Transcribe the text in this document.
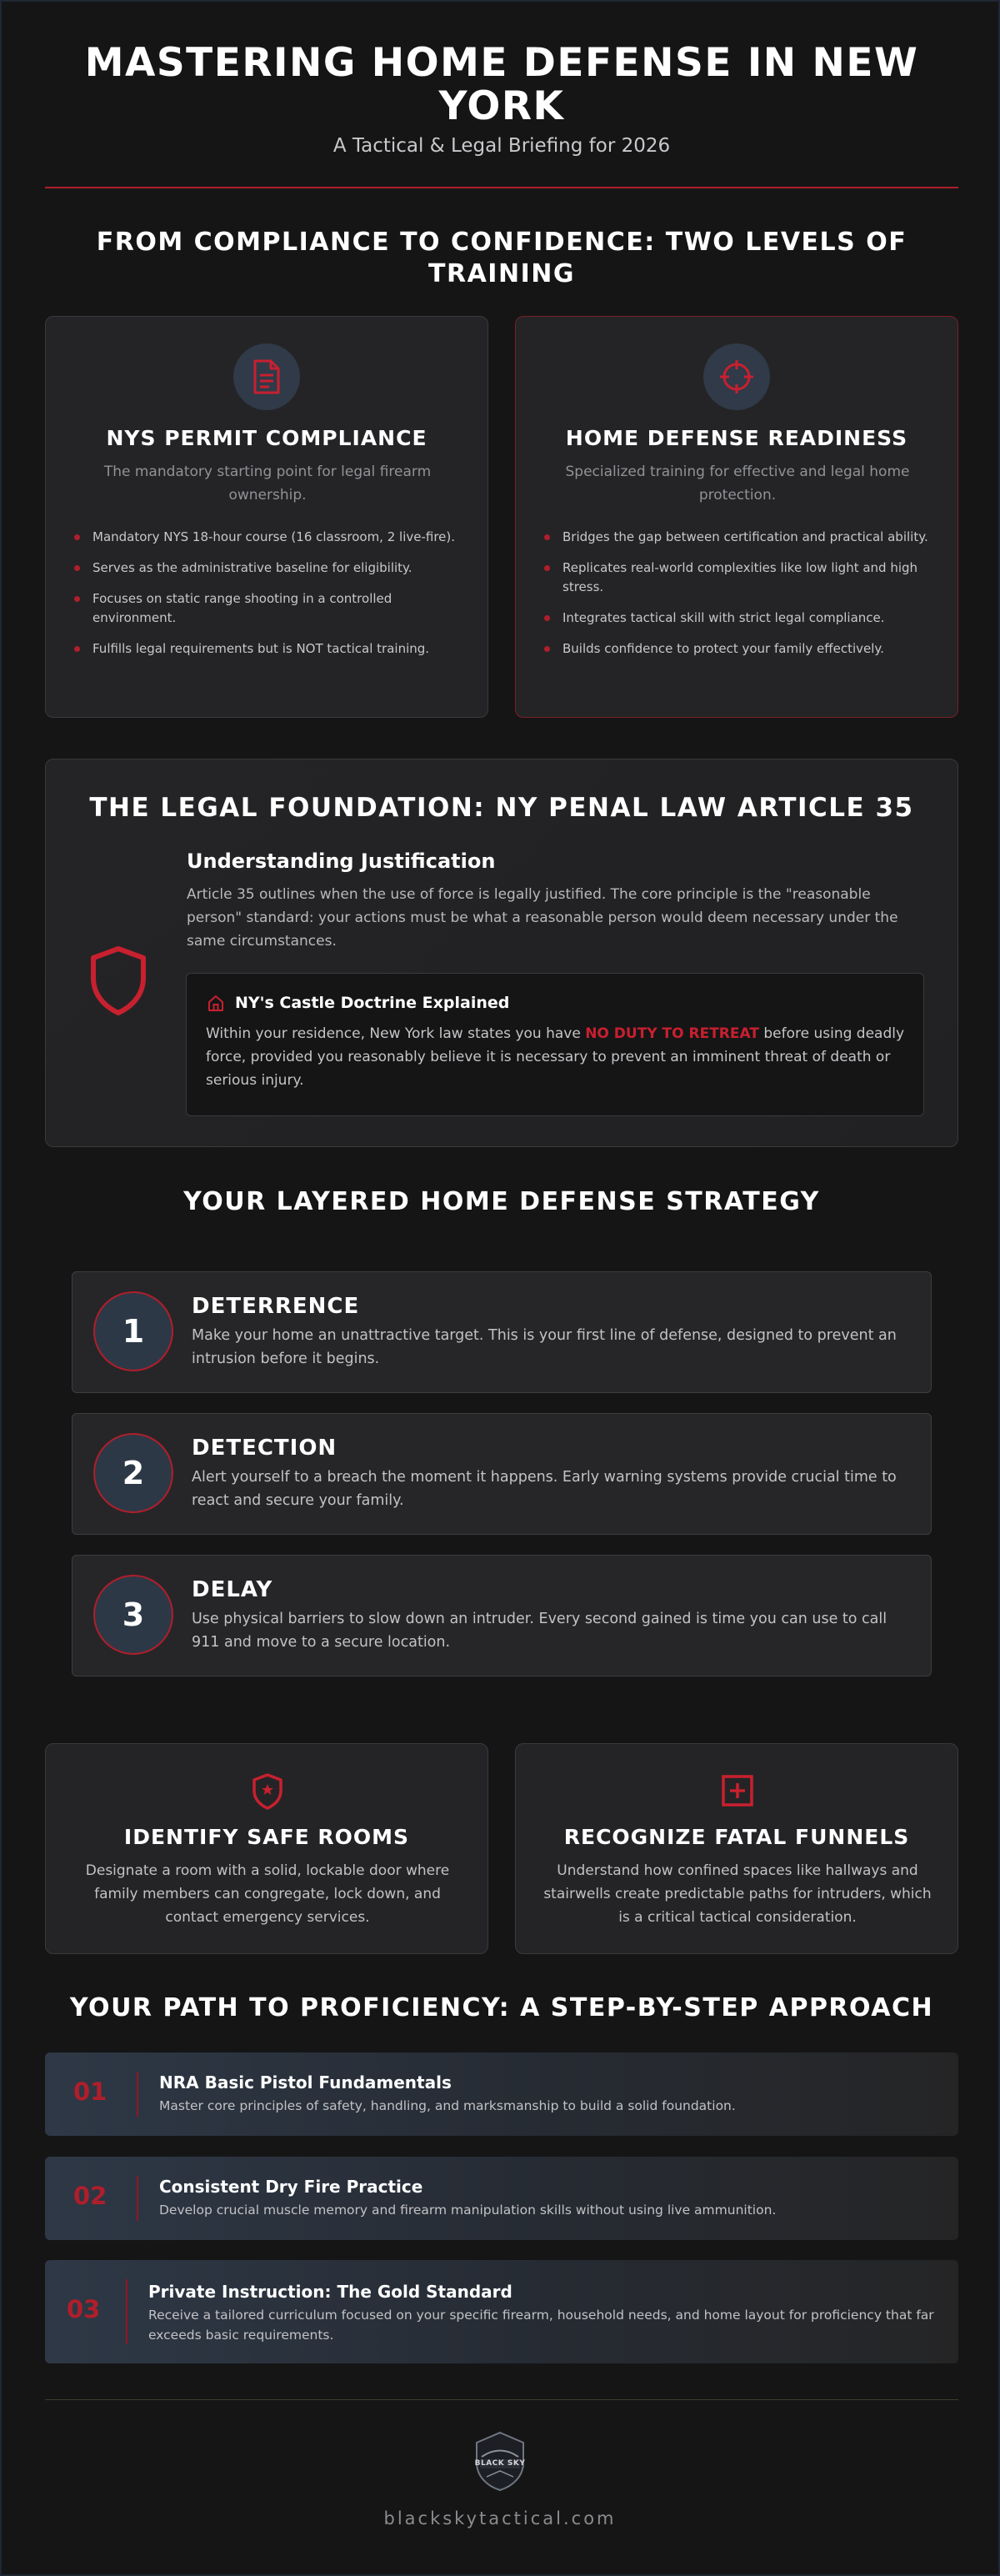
MASTERING HOME DEFENSE IN NEW YORK

A Tactical & Legal Briefing for 2026

FROM COMPLIANCE TO CONFIDENCE: TWO LEVELS OF TRAINING
NYS PERMIT COMPLIANCE

The mandatory starting point for legal firearm ownership.

Mandatory NYS 18-hour course (16 classroom, 2 live-fire).
Serves as the administrative baseline for eligibility.
Focuses on static range shooting in a controlled environment.
Fulfills legal requirements but is NOT tactical training.
HOME DEFENSE READINESS

Specialized training for effective and legal home protection.

Bridges the gap between certification and practical ability.
Replicates real-world complexities like low light and high stress.
Integrates tactical skill with strict legal compliance.
Builds confidence to protect your family effectively.
THE LEGAL FOUNDATION: NY PENAL LAW ARTICLE 35
Understanding Justification

Article 35 outlines when the use of force is legally justified. The core principle is the "reasonable person" standard: your actions must be what a reasonable person would deem necessary under the same circumstances.

NY's Castle Doctrine Explained

Within your residence, New York law states you have NO DUTY TO RETREAT before using deadly force, provided you reasonably believe it is necessary to prevent an imminent threat of death or serious injury.

YOUR LAYERED HOME DEFENSE STRATEGY
1
DETERRENCE

Make your home an unattractive target. This is your first line of defense, designed to prevent an intrusion before it begins.

2
DETECTION

Alert yourself to a breach the moment it happens. Early warning systems provide crucial time to react and secure your family.

3
DELAY

Use physical barriers to slow down an intruder. Every second gained is time you can use to call 911 and move to a secure location.

IDENTIFY SAFE ROOMS

Designate a room with a solid, lockable door where family members can congregate, lock down, and contact emergency services.

RECOGNIZE FATAL FUNNELS

Understand how confined spaces like hallways and stairwells create predictable paths for intruders, which is a critical tactical consideration.

YOUR PATH TO PROFICIENCY: A STEP-BY-STEP APPROACH
01	NRA Basic Pistol Fundamentals

Master core principles of safety, handling, and marksmanship to build a solid foundation.

02	Consistent Dry Fire Practice

Develop crucial muscle memory and firearm manipulation skills without using live ammunition.

03
Private Instruction: The Gold Standard

Receive a tailored curriculum focused on your specific firearm, household needs, and home layout for proficiency that far exceeds basic requirements.

BLACK SKY

blackskytactical.com
